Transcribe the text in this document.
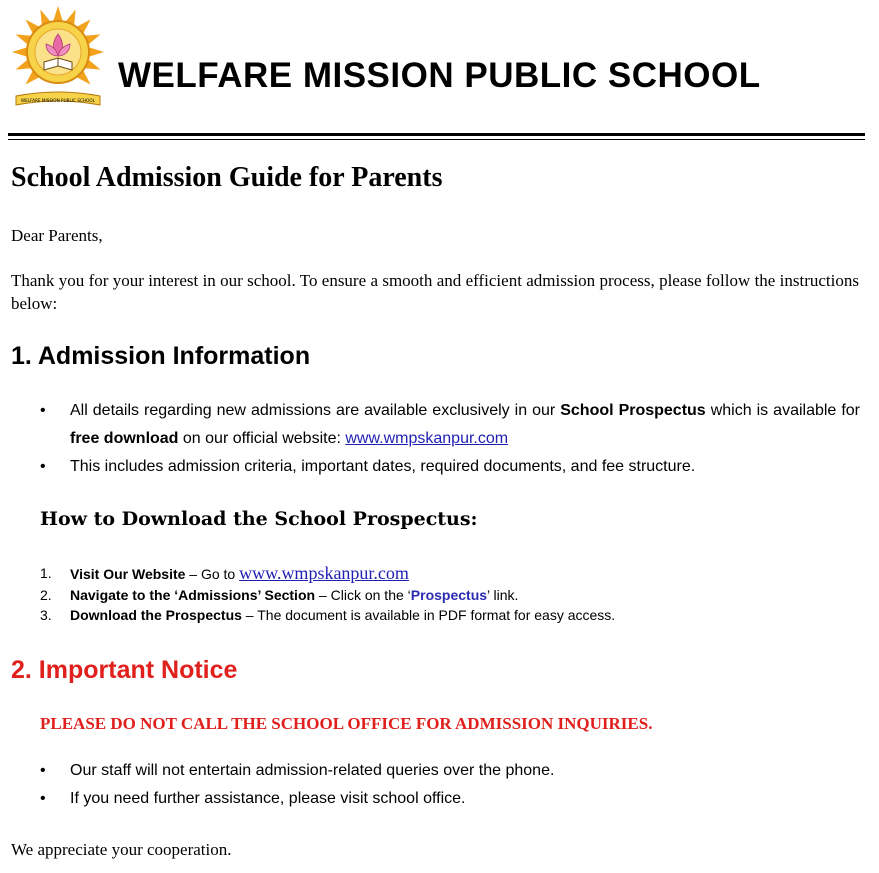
WELFARE MISSION PUBLIC SCHOOL
WELFARE MISSION PUBLIC SCHOOL
School Admission Guide for Parents
Dear Parents,
Thank you for your interest in our school. To ensure a smooth and efficient admission process, please follow the instructions below:
1. Admission Information
• All details regarding new admissions are available exclusively in our School Prospectus which is available for free download on our official website: www.wmpskanpur.com
• This includes admission criteria, important dates, required documents, and fee structure.
How to Download the School Prospectus:
1. Visit Our Website – Go to www.wmpskanpur.com
2. Navigate to the ‘Admissions’ Section – Click on the ‘Prospectus’ link.
3. Download the Prospectus – The document is available in PDF format for easy access.
2. Important Notice
PLEASE DO NOT CALL THE SCHOOL OFFICE FOR ADMISSION INQUIRIES.
• Our staff will not entertain admission-related queries over the phone.
• If you need further assistance, please visit school office.
We appreciate your cooperation.
